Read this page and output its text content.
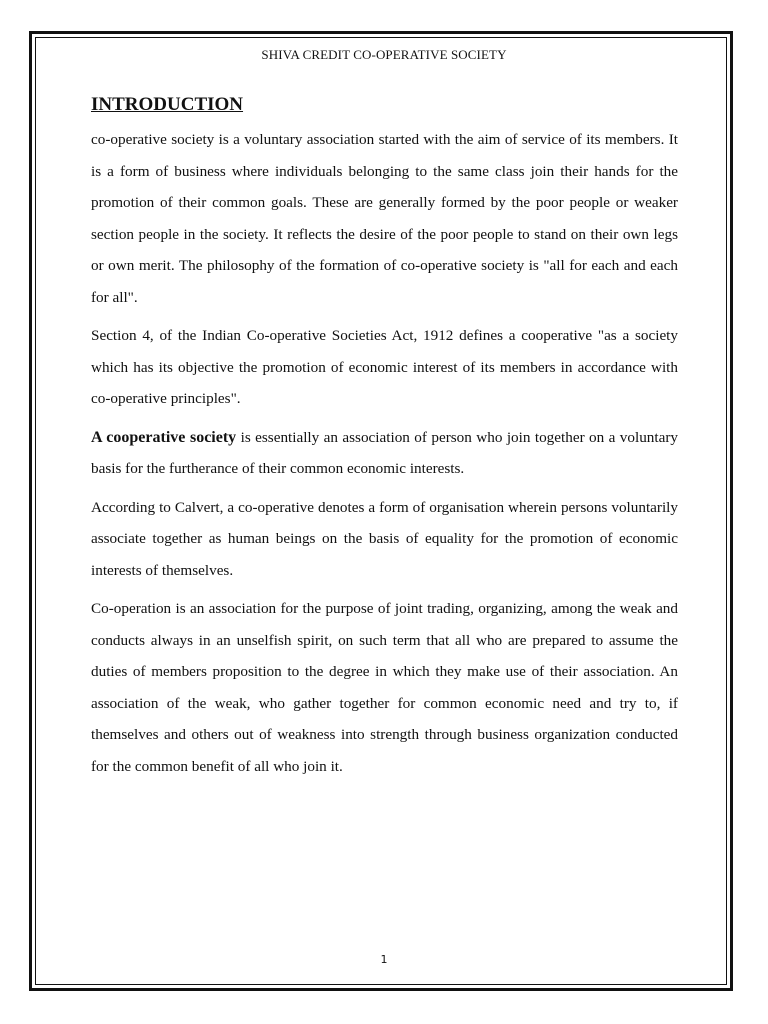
SHIVA CREDIT CO-OPERATIVE SOCIETY
INTRODUCTION

co-operative society is a voluntary association started with the aim of service of its members. It is a form of business where individuals belonging to the same class join their hands for the promotion of their common goals. These are generally formed by the poor people or weaker section people in the society. It reflects the desire of the poor people to stand on their own legs or own merit. The philosophy of the formation of co-operative society is "all for each and each for all".

Section 4, of the Indian Co-operative Societies Act, 1912 defines a cooperative "as a society which has its objective the promotion of economic interest of its members in accordance with co-operative principles".

A cooperative society is essentially an association of person who join together on a voluntary basis for the furtherance of their common economic interests.

According to Calvert, a co-operative denotes a form of organisation wherein persons voluntarily associate together as human beings on the basis of equality for the promotion of economic interests of themselves.

Co-operation is an association for the purpose of joint trading, organizing, among the weak and conducts always in an unselfish spirit, on such term that all who are prepared to assume the duties of members proposition to the degree in which they make use of their association. An association of the weak, who gather together for common economic need and try to, if themselves and others out of weakness into strength through business organization conducted for the common benefit of all who join it.

1
